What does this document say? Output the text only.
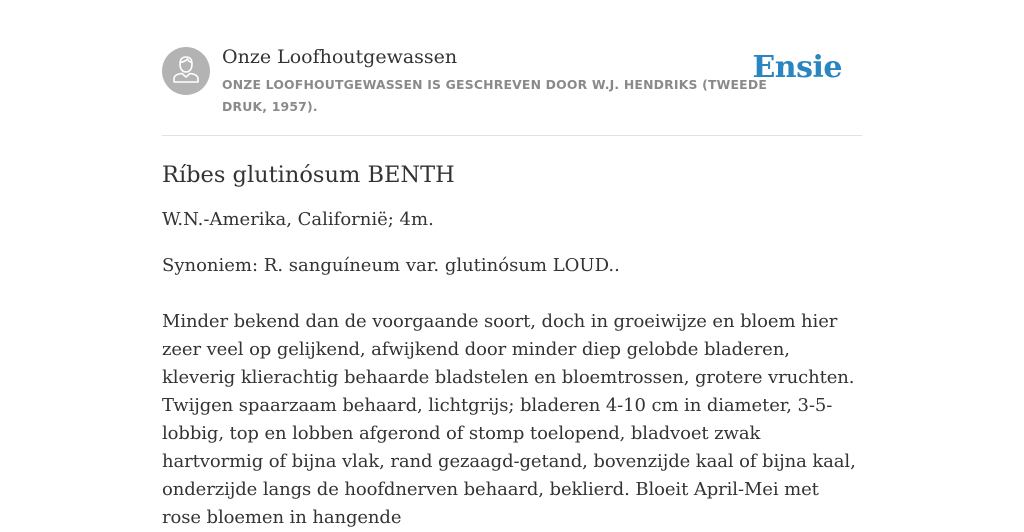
Onze Loofhoutgewassen
ONZE LOOFHOUTGEWASSEN IS GESCHREVEN DOOR W.J. HENDRIKS (TWEEDE DRUK, 1957).
Ensie
Ríbes glutinósum BENTH

W.N.-Amerika, Californië; 4m.

Synoniem: R. sanguíneum var. glutinósum LOUD..

Minder bekend dan de voorgaande soort, doch in groeiwijze en bloem hier zeer veel op gelijkend, afwijkend door minder diep gelobde bladeren, kleverig klierachtig behaarde bladstelen en bloemtrossen, grotere vruchten. Twijgen spaarzaam behaard, lichtgrijs; bladeren 4-10 cm in diameter, 3-5-lobbig, top en lobben afgerond of stomp toelopend, bladvoet zwak hartvormig of bijna vlak, rand gezaagd-getand, bovenzijde kaal of bijna kaal, onderzijde langs de hoofdnerven behaard, beklierd. Bloeit April-Mei met rose bloemen in hangende
